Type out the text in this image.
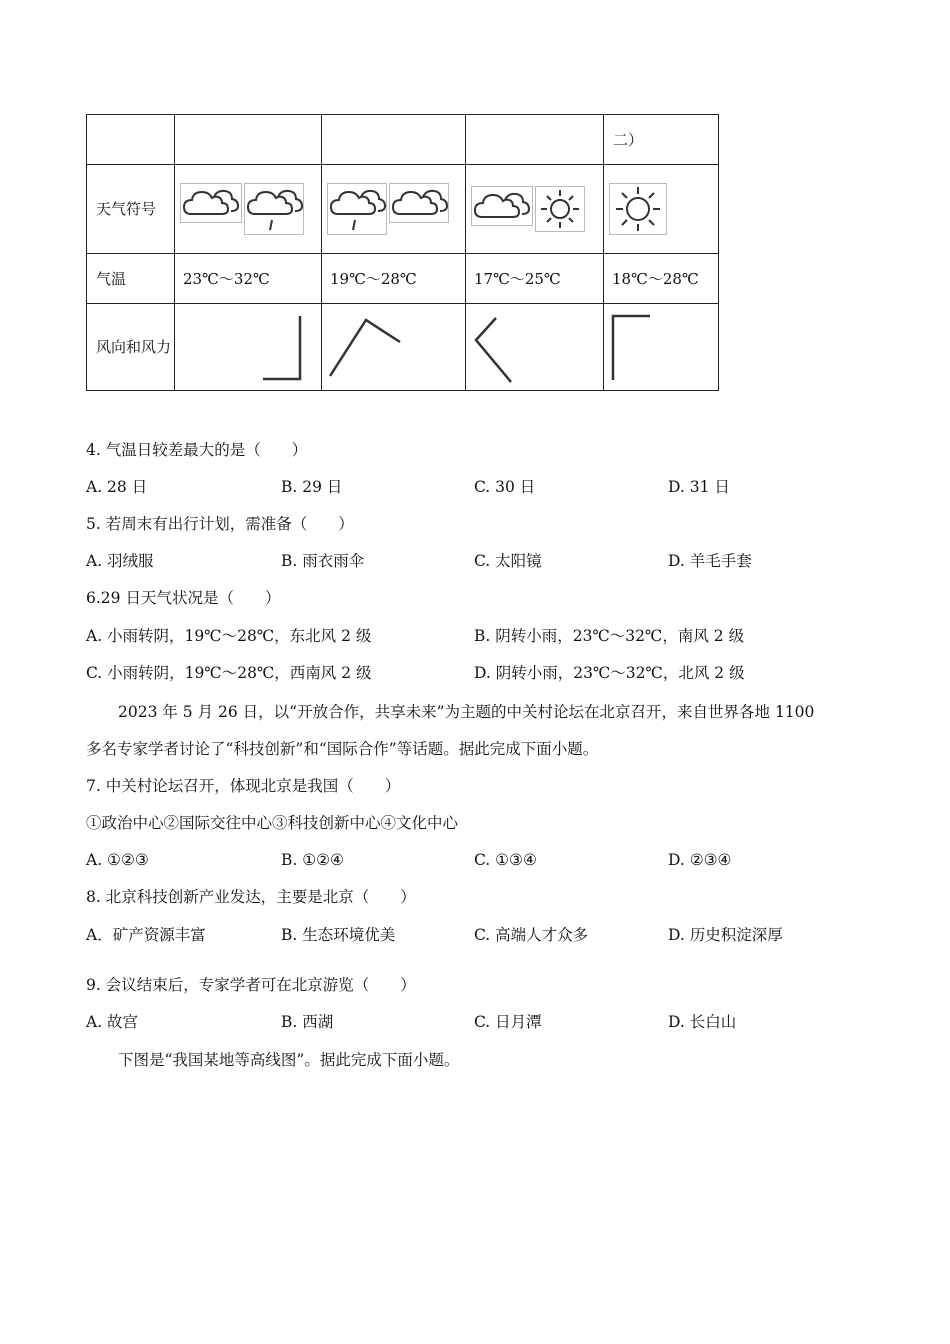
				二）
天气符号	

气温	23℃～32℃	19℃～28℃	17℃～25℃	18℃～28℃
风向和风力	

4. 气温日较差最大的是（　　）
A. 28 日	B. 29 日	C. 30 日	D. 31 日
5. 若周末有出行计划，需准备（　　）
A. 羽绒服	B. 雨衣雨伞	C. 太阳镜	D. 羊毛手套
6.29 日天气状况是（　　）
A. 小雨转阴，19℃～28℃，东北风 2 级	B. 阴转小雨，23℃～32℃，南风 2 级
C. 小雨转阴，19℃～28℃，西南风 2 级	D. 阴转小雨，23℃～32℃，北风 2 级
2023 年 5 月 26 日，以“开放合作，共享未来”为主题的中关村论坛在北京召开，来自世界各地 1100
多名专家学者讨论了“科技创新”和“国际合作”等话题。据此完成下面小题。
7. 中关村论坛召开，体现北京是我国（　　）
①政治中心②国际交往中心③科技创新中心④文化中心
A. ①②③	B. ①②④	C. ①③④	D. ②③④
8. 北京科技创新产业发达，主要是北京（　　）
A．矿产资源丰富	B. 生态环境优美	C. 高端人才众多	D. 历史积淀深厚
9. 会议结束后，专家学者可在北京游览（　　）
A. 故宫	B. 西湖	C. 日月潭	D. 长白山
下图是“我国某地等高线图”。据此完成下面小题。
